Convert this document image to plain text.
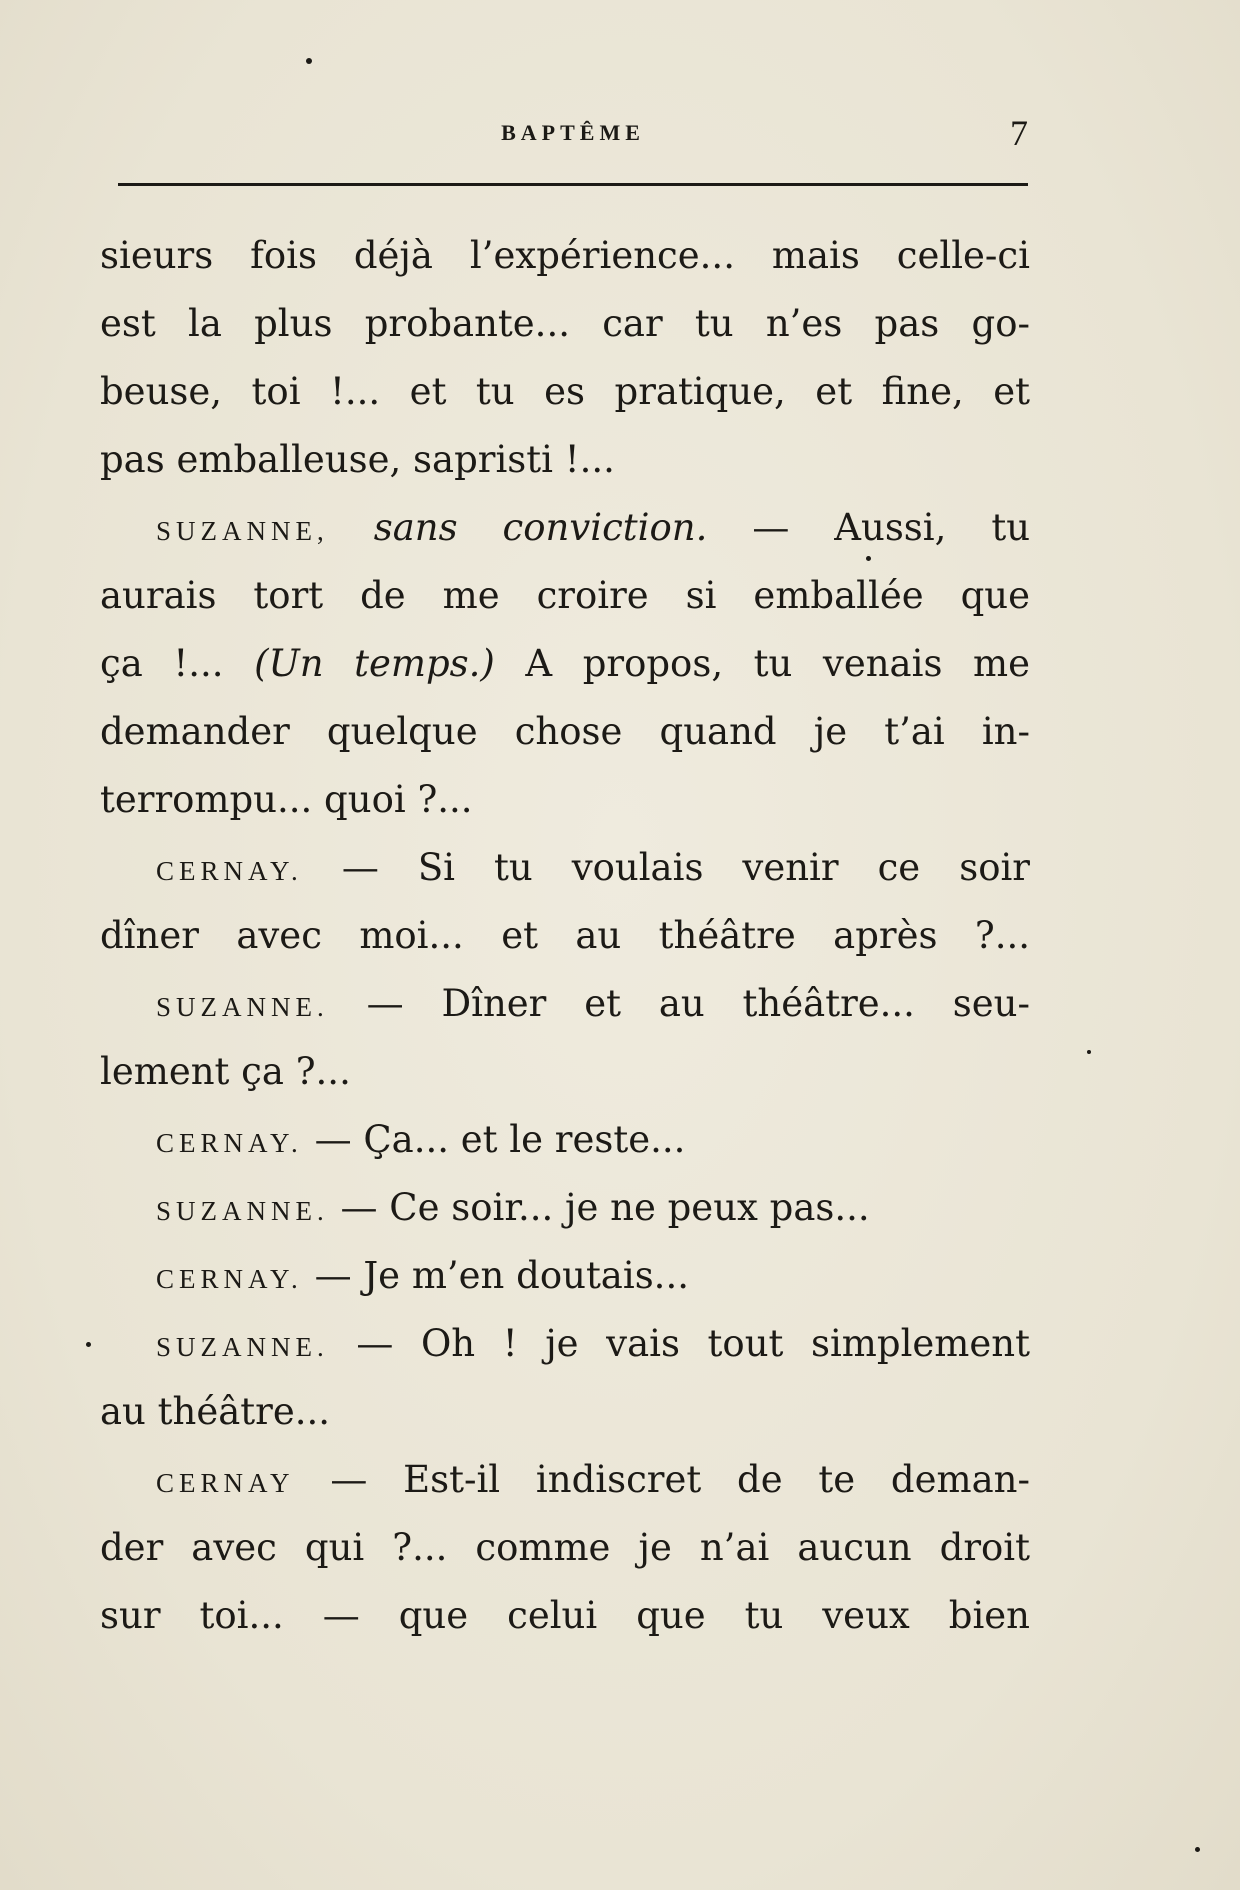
BAPTÊME	7
sieurs fois déjà l’expérience... mais celle-ci
est la plus probante... car tu n’es pas go-
beuse, toi !... et tu es pratique, et fine, et
pas emballeuse, sapristi !...
SUZANNE, sans conviction. — Aussi, tu
aurais tort de me croire si emballée que
ça !... (Un temps.) A propos, tu venais me
demander quelque chose quand je t’ai in-
terrompu... quoi ?...
CERNAY. — Si tu voulais venir ce soir
dîner avec moi... et au théâtre après ?...
SUZANNE. — Dîner et au théâtre... seu-
lement ça ?...
CERNAY. — Ça... et le reste...
SUZANNE. — Ce soir... je ne peux pas...
CERNAY. — Je m’en doutais...
SUZANNE. — Oh ! je vais tout simplement
au théâtre...
CERNAY — Est-il indiscret de te deman-
der avec qui ?... comme je n’ai aucun droit
sur toi... — que celui que tu veux bien
